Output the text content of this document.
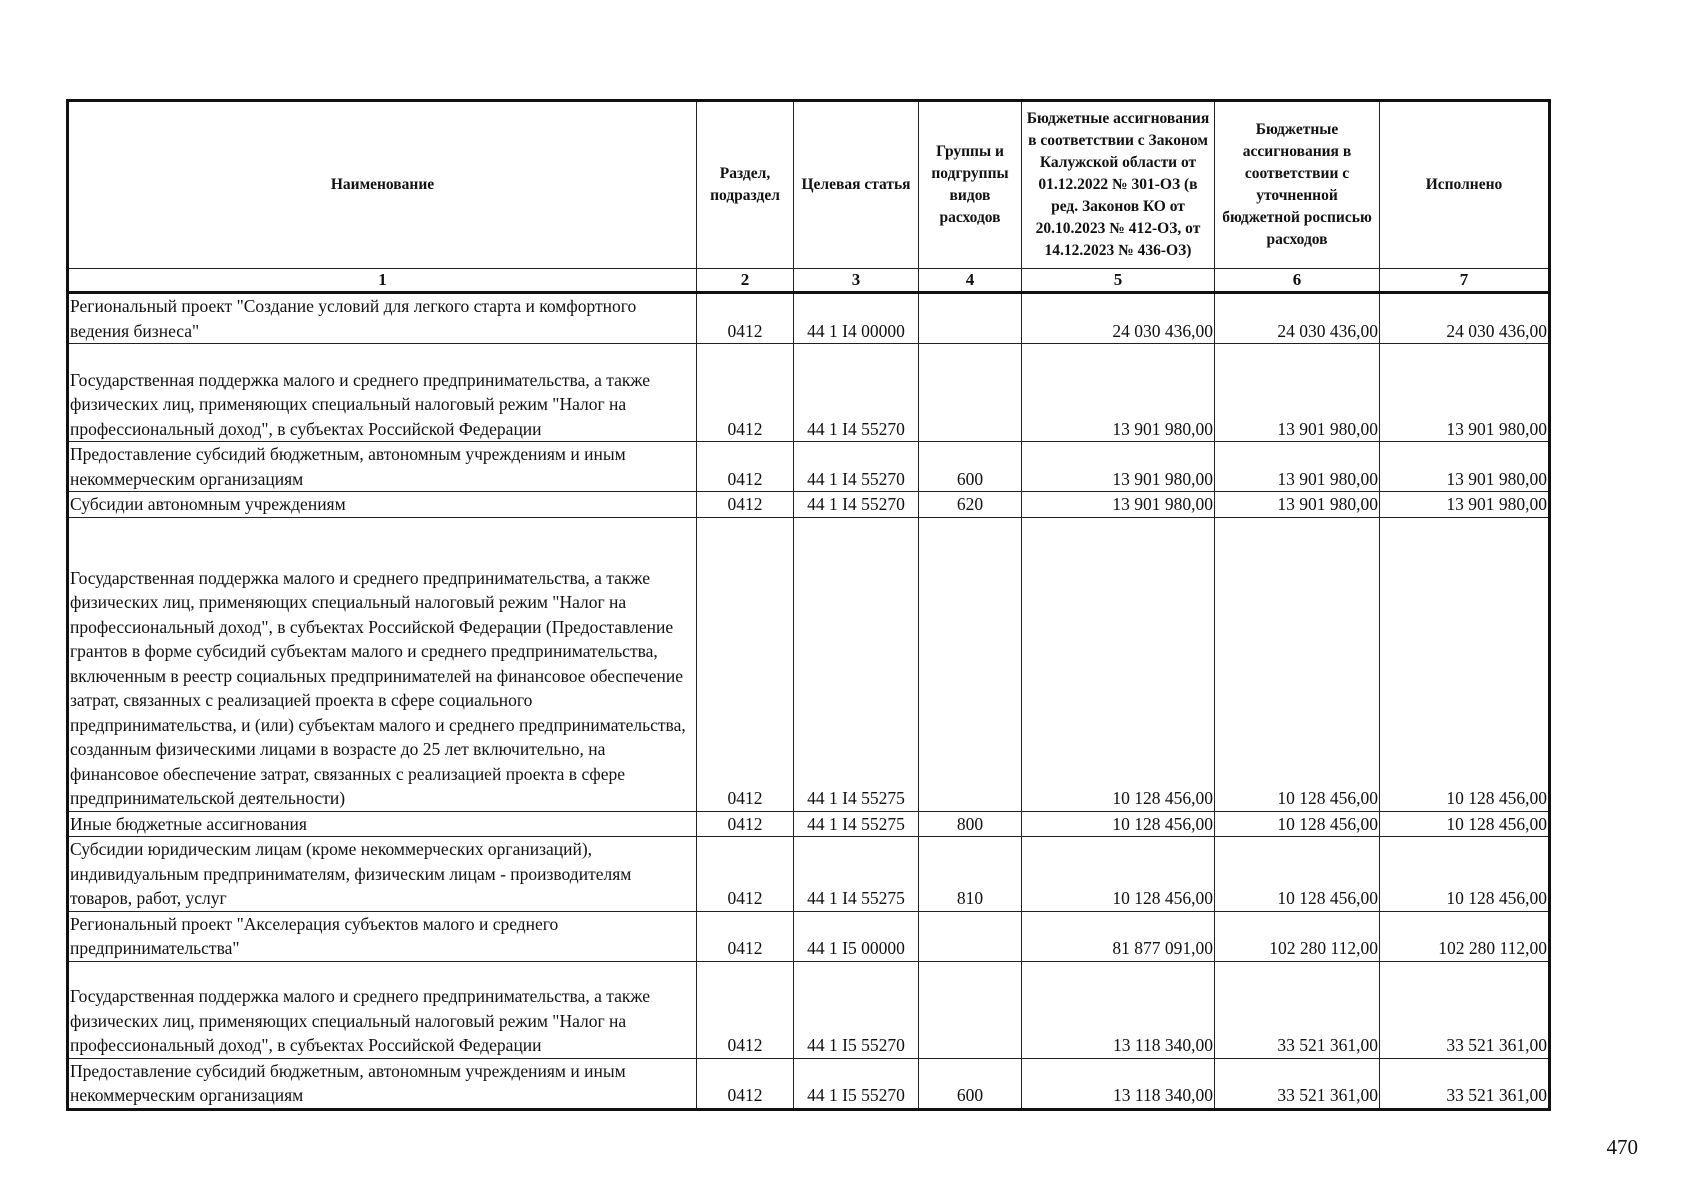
Наименование	Раздел, подраздел	Целевая статья	Группы и подгруппы видов расходов	Бюджетные ассигнования в соответствии с Законом Калужской области от 01.12.2022 № 301-ОЗ (в ред. Законов КО от 20.10.2023 № 412-ОЗ, от 14.12.2023 № 436-ОЗ)	Бюджетные ассигнования в соответствии с уточненной бюджетной росписью расходов	Исполнено
1	2	3	4	5	6	7
Региональный проект "Создание условий для легкого старта и комфортного ведения бизнеса"	0412	44 1 I4 00000		24 030 436,00	24 030 436,00	24 030 436,00
Государственная поддержка малого и среднего предпринимательства, а также физических лиц, применяющих специальный налоговый режим "Налог на профессиональный доход", в субъектах Российской Федерации	0412	44 1 I4 55270		13 901 980,00	13 901 980,00	13 901 980,00
Предоставление субсидий бюджетным, автономным учреждениям и иным некоммерческим организациям	0412	44 1 I4 55270	600	13 901 980,00	13 901 980,00	13 901 980,00
Субсидии автономным учреждениям	0412	44 1 I4 55270	620	13 901 980,00	13 901 980,00	13 901 980,00
Государственная поддержка малого и среднего предпринимательства, а также физических лиц, применяющих специальный налоговый режим "Налог на профессиональный доход", в субъектах Российской Федерации (Предоставление грантов в форме субсидий субъектам малого и среднего предпринимательства, включенным в реестр социальных предпринимателей на финансовое обеспечение затрат, связанных с реализацией проекта в сфере социального предпринимательства, и (или) субъектам малого и среднего предпринимательства, созданным физическими лицами в возрасте до 25 лет включительно, на финансовое обеспечение затрат, связанных с реализацией проекта в сфере предпринимательской деятельности)	0412	44 1 I4 55275		10 128 456,00	10 128 456,00	10 128 456,00
Иные бюджетные ассигнования	0412	44 1 I4 55275	800	10 128 456,00	10 128 456,00	10 128 456,00
Субсидии юридическим лицам (кроме некоммерческих организаций), индивидуальным предпринимателям, физическим лицам - производителям товаров, работ, услуг	0412	44 1 I4 55275	810	10 128 456,00	10 128 456,00	10 128 456,00
Региональный проект "Акселерация субъектов малого и среднего предпринимательства"	0412	44 1 I5 00000		81 877 091,00	102 280 112,00	102 280 112,00
Государственная поддержка малого и среднего предпринимательства, а также физических лиц, применяющих специальный налоговый режим "Налог на профессиональный доход", в субъектах Российской Федерации	0412	44 1 I5 55270		13 118 340,00	33 521 361,00	33 521 361,00
Предоставление субсидий бюджетным, автономным учреждениям и иным некоммерческим организациям	0412	44 1 I5 55270	600	13 118 340,00	33 521 361,00	33 521 361,00
470
